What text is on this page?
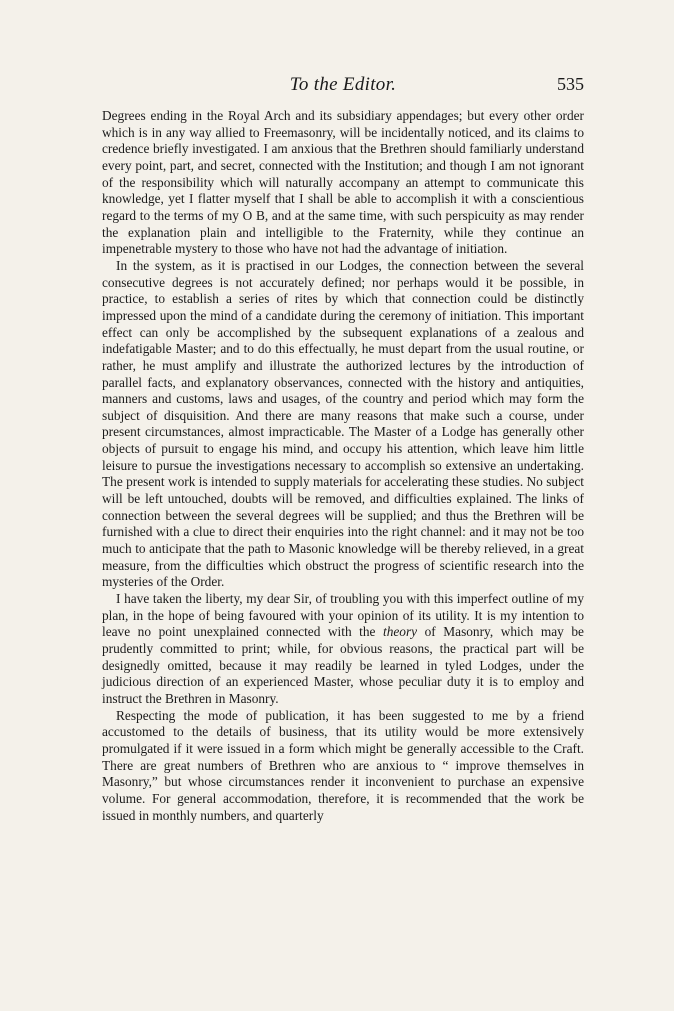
To the Editor.	535

Degrees ending in the Royal Arch and its subsidiary appendages; but every other order which is in any way allied to Freemasonry, will be incidentally noticed, and its claims to credence briefly investigated. I am anxious that the Brethren should familiarly understand every point, part, and secret, connected with the Institution; and though I am not ignorant of the responsibility which will naturally accompany an attempt to communicate this knowledge, yet I flatter myself that I shall be able to accomplish it with a conscientious regard to the terms of my O B, and at the same time, with such perspicuity as may render the explanation plain and intelligible to the Fraternity, while they continue an impenetrable mystery to those who have not had the advantage of initiation.

In the system, as it is practised in our Lodges, the connection between the several consecutive degrees is not accurately defined; nor perhaps would it be possible, in practice, to establish a series of rites by which that connection could be distinctly impressed upon the mind of a candidate during the ceremony of initiation. This important effect can only be accomplished by the subsequent explanations of a zealous and indefatigable Master; and to do this effectually, he must depart from the usual routine, or rather, he must amplify and illustrate the authorized lectures by the introduction of parallel facts, and explanatory observances, connected with the history and antiquities, manners and customs, laws and usages, of the country and period which may form the subject of disquisition. And there are many reasons that make such a course, under present circumstances, almost impracticable. The Master of a Lodge has generally other objects of pursuit to engage his mind, and occupy his attention, which leave him little leisure to pursue the investigations necessary to accomplish so extensive an undertaking. The present work is intended to supply materials for accelerating these studies. No subject will be left untouched, doubts will be removed, and difficulties explained. The links of connection between the several degrees will be supplied; and thus the Brethren will be furnished with a clue to direct their enquiries into the right channel: and it may not be too much to anticipate that the path to Masonic knowledge will be thereby relieved, in a great measure, from the difficulties which obstruct the progress of scientific research into the mysteries of the Order.

I have taken the liberty, my dear Sir, of troubling you with this imperfect outline of my plan, in the hope of being favoured with your opinion of its utility. It is my intention to leave no point unexplained connected with the theory of Masonry, which may be prudently committed to print; while, for obvious reasons, the practical part will be designedly omitted, because it may readily be learned in tyled Lodges, under the judicious direction of an experienced Master, whose peculiar duty it is to employ and instruct the Brethren in Masonry.

Respecting the mode of publication, it has been suggested to me by a friend accustomed to the details of business, that its utility would be more extensively promulgated if it were issued in a form which might be generally accessible to the Craft. There are great numbers of Brethren who are anxious to “ improve themselves in Masonry,” but whose circumstances render it inconvenient to purchase an expensive volume. For general accommodation, therefore, it is recommended that the work be issued in monthly numbers, and quarterly
